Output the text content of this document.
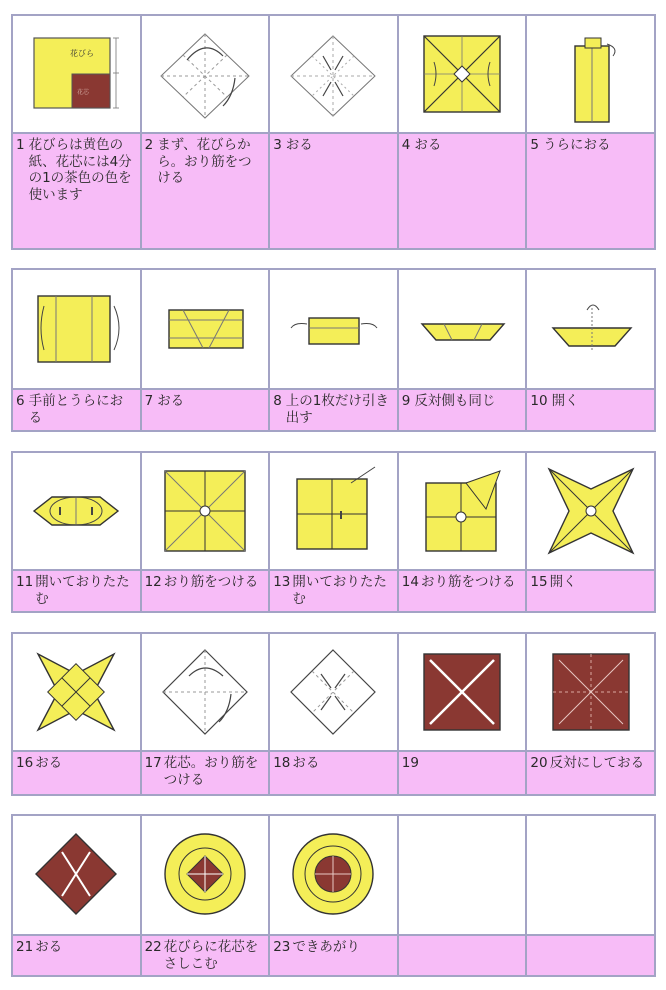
花びら
花芯
1 花びらは黄色の紙、花芯には4分の1の茶色の色を使います
2 まず、花びらから。おり筋をつける
3 おる	4 おる	5 うらにおる
6 手前とうらにおる
7 おる	8 上の1枚だけ引き出す
9 反対側も同じ	10 開く
11 開いておりたたむ
12 おり筋をつける	13 開いておりたたむ
14 おり筋をつける	15 開く
16 おる	17 花芯。おり筋をつける
18 おる	19	20 反対にしておる
21 おる	22 花びらに花芯をさしこむ
23 できあがり
